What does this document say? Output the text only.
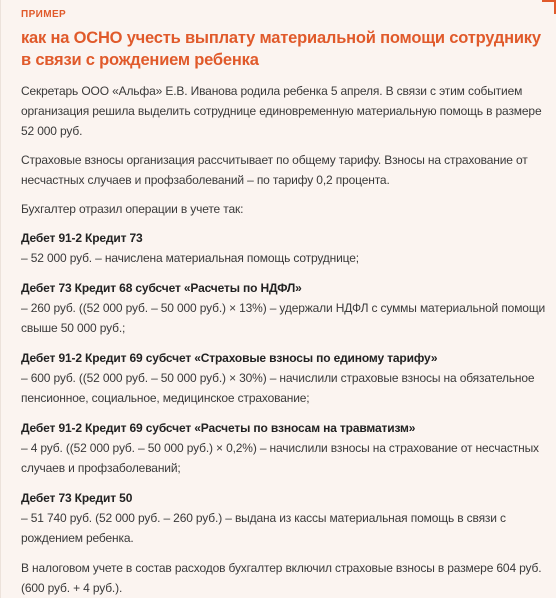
ПРИМЕР
как на ОСНО учесть выплату материальной помощи сотруднику в связи с рождением ребенка
Секретарь ООО «Альфа» Е.В. Иванова родила ребенка 5 апреля. В связи с этим событием организация решила выделить сотруднице единовременную материальную помощь в размере 52 000 руб.
Страховые взносы организация рассчитывает по общему тарифу. Взносы на страхование от несчастных случаев и профзаболеваний – по тарифу 0,2 процента.
Бухгалтер отразил операции в учете так:
Дебет 91-2 Кредит 73
– 52 000 руб. – начислена материальная помощь сотруднице;
Дебет 73 Кредит 68 субсчет «Расчеты по НДФЛ»
– 260 руб. ((52 000 руб. – 50 000 руб.) × 13%) – удержали НДФЛ с суммы материальной помощи свыше 50 000 руб.;
Дебет 91-2 Кредит 69 субсчет «Страховые взносы по единому тарифу»
– 600 руб. ((52 000 руб. – 50 000 руб.) × 30%) – начислили страховые взносы на обязательное пенсионное, социальное, медицинское страхование;
Дебет 91-2 Кредит 69 субсчет «Расчеты по взносам на травматизм»
– 4 руб. ((52 000 руб. – 50 000 руб.) × 0,2%) – начислили взносы на страхование от несчастных случаев и профзаболеваний;
Дебет 73 Кредит 50
– 51 740 руб. (52 000 руб. – 260 руб.) – выдана из кассы материальная помощь в связи с рождением ребенка.
В налоговом учете в состав расходов бухгалтер включил страховые взносы в размере 604 руб. (600 руб. + 4 руб.).
